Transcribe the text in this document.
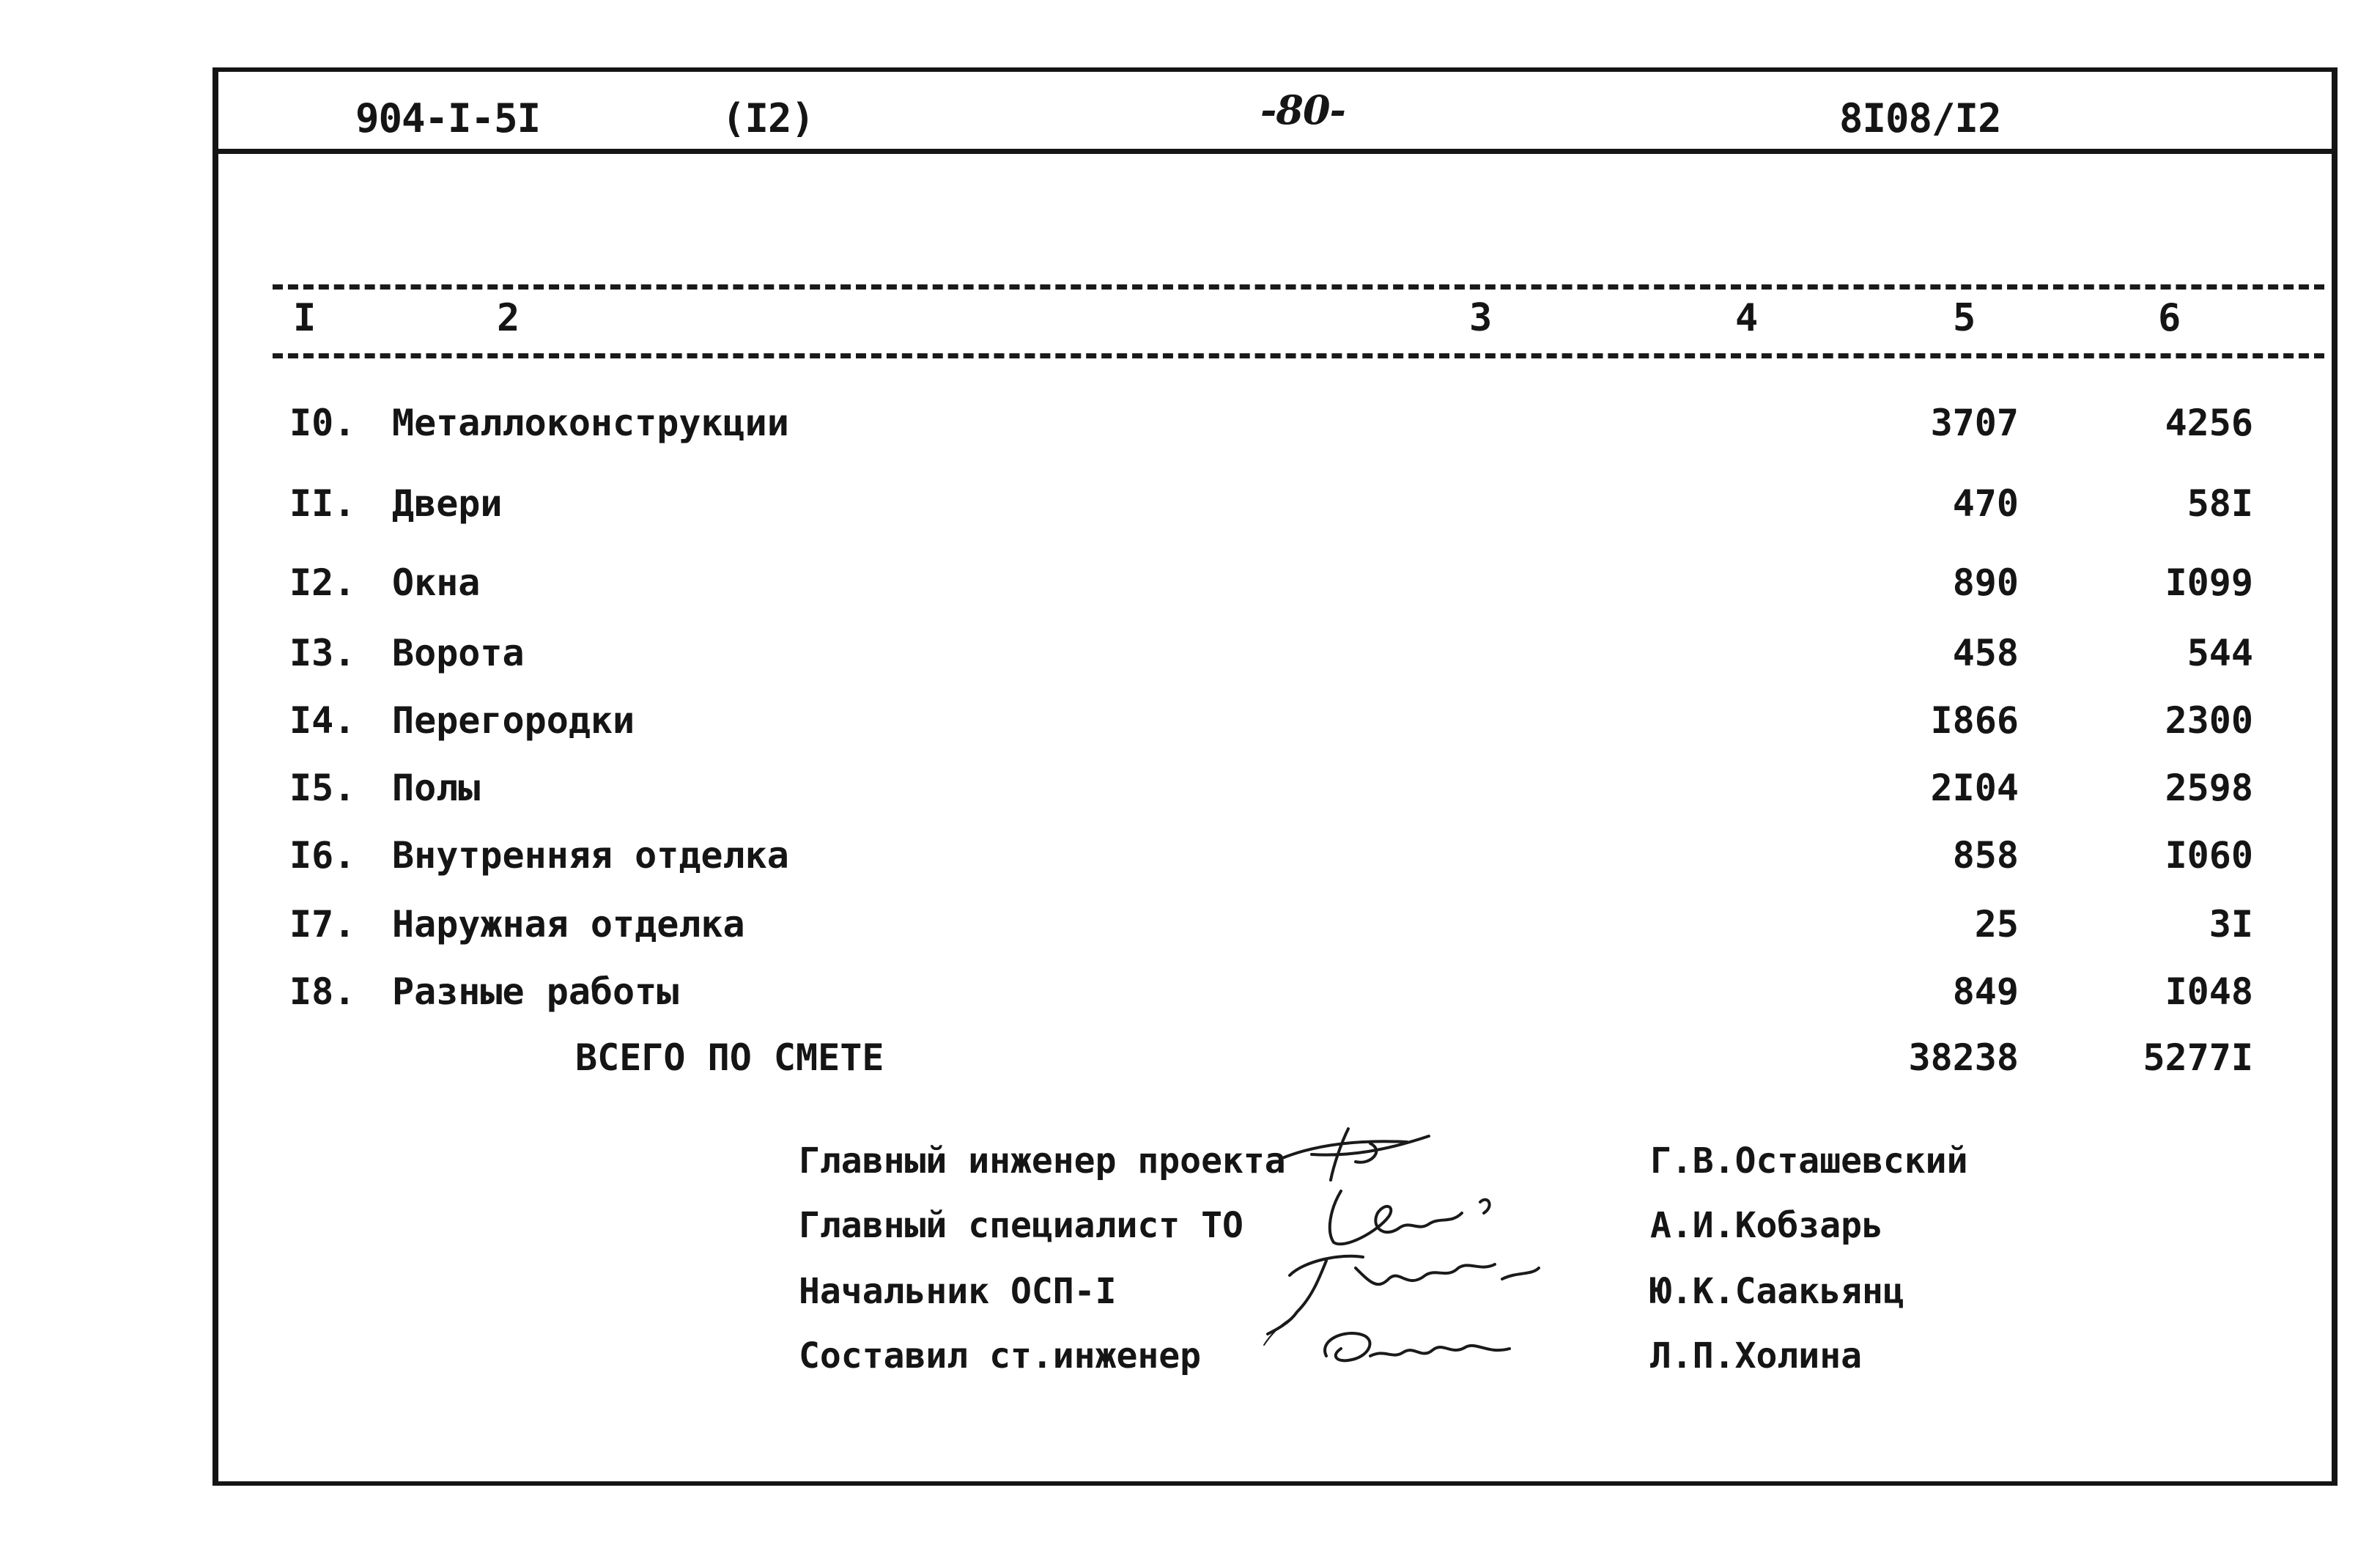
904-I-5I	(I2)	-80-	8I08/I2
I	2	3	4	5	6
I0. Металлоконструкции	3707	4256
II. Двери	470	58I
I2. Окна	890	I099
I3. Ворота	458	544
I4. Перегородки	I866	2300
I5. Полы	2I04	2598
I6. Внутренняя отделка	858	I060
I7. Наружная отделка	25	3I
I8. Разные работы	849	I048
ВСЕГО ПО СМЕТЕ	38238	5277I
Главный инженер проекта	Г.В.Осташевский
Главный специалист ТО	А.И.Кобзарь
Начальник ОСП-I	Ю.К.Саакьянц
Составил ст.инженер	Л.П.Холина
